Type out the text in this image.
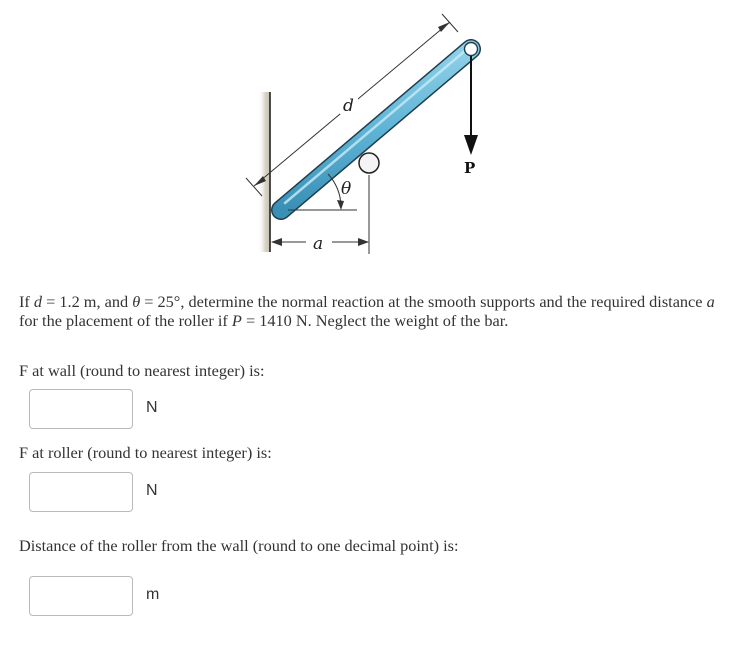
d
θ
a
P
If d = 1.2 m, and θ = 25°, determine the normal reaction at the smooth supports and the required distance a for the placement of the roller if P = 1410 N. Neglect the weight of the bar.
F at wall (round to nearest integer) is:
N
F at roller (round to nearest integer) is:
N
Distance of the roller from the wall (round to one decimal point) is:
m
